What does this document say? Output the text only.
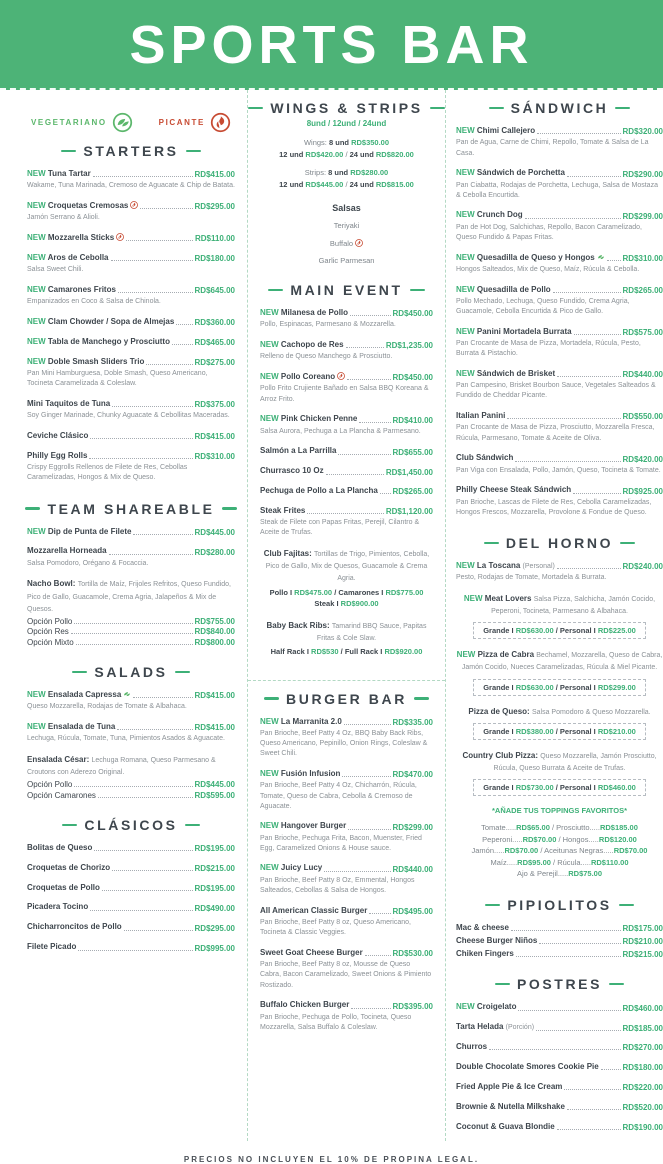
SPORTS BAR
VEGETARIANO	PICANTE
STARTERS
NEW Tuna Tartar	RD$415.00
Wakame, Tuna Marinada, Cremoso de Aguacate & Chip de Batata.
NEW Croquetas Cremosas	RD$295.00
Jamón Serrano & Alioli.
NEW Mozzarella Sticks	RD$110.00
NEW Aros de Cebolla	RD$180.00
Salsa Sweet Chili.
NEW Camarones Fritos	RD$645.00
Empanizados en Coco & Salsa de Chinola.
NEW Clam Chowder / Sopa de Almejas	RD$360.00
NEW Tabla de Manchego y Prosciutto	RD$465.00
NEW Doble Smash Sliders Trio	RD$275.00
Pan Mini Hamburguesa, Doble Smash, Queso Americano, Tocineta Caramelizada & Coleslaw.
Mini Taquitos de Tuna	RD$375.00
Soy Ginger Marinade, Chunky Aguacate & Cebollitas Maceradas.
Ceviche Clásico	RD$415.00
Philly Egg Rolls	RD$310.00
Crispy Eggrolls Rellenos de Filete de Res, Cebollas Caramelizadas, Hongos & Mix de Queso.
TEAM SHAREABLE
NEW Dip de Punta de Filete	RD$445.00
Mozzarella Horneada	RD$280.00
Salsa Pomodoro, Orégano & Focaccia.
Nacho Bowl: Tortilla de Maíz, Frijoles Refritos, Queso Fundido, Pico de Gallo, Guacamole, Crema Agria, Jalapeños & Mix de Quesos.
Opción Pollo	RD$755.00
Opción Res	RD$840.00
Opción Mixto	RD$800.00
SALADS
NEW Ensalada Capressa	RD$415.00
Queso Mozzarella, Rodajas de Tomate & Albahaca.
NEW Ensalada de Tuna	RD$415.00
Lechuga, Rúcula, Tomate, Tuna, Pimientos Asados & Aguacate.
Ensalada César: Lechuga Romana, Queso Parmesano & Croutons con Aderezo Original.
Opción Pollo	RD$445.00
Opción Camarones	RD$595.00
CLÁSICOS
Bolitas de Queso	RD$195.00
Croquetas de Chorizo	RD$215.00
Croquetas de Pollo	RD$195.00
Picadera Tocino	RD$490.00
Chicharroncitos de Pollo	RD$295.00
Filete Picado	RD$995.00
WINGS & STRIPS
8und / 12und / 24und
Wings: 8 und RD$350.00
12 und RD$420.00 / 24 und RD$820.00
Strips: 8 und RD$280.00
12 und RD$445.00 / 24 und RD$815.00
Salsas
Teriyaki
Buffalo
Garlic Parmesan
MAIN EVENT
NEW Milanesa de Pollo	RD$450.00
Pollo, Espinacas, Parmesano & Mozzarella.
NEW Cachopo de Res	RD$1,235.00
Relleno de Queso Manchego & Prosciutto.
NEW Pollo Coreano	RD$450.00
Pollo Frito Crujiente Bañado en Salsa BBQ Koreana & Arroz Frito.
NEW Pink Chicken Penne	RD$410.00
Salsa Aurora, Pechuga a La Plancha & Parmesano.
Salmón a La Parrilla	RD$655.00
Churrasco 10 Oz	RD$1,450.00
Pechuga de Pollo a La Plancha RD$265.00
Steak Frites	RD$1,120.00
Steak de Filete con Papas Fritas, Perejil, Cilantro & Aceite de Trufas.
Club Fajitas: Tortillas de Trigo, Pimientos, Cebolla, Pico de Gallo, Mix de Quesos, Guacamole & Crema Agria.
Pollo I RD$475.00 / Camarones I RD$775.00
Steak I RD$900.00
Baby Back Ribs: Tamarind BBQ Sauce, Papitas Fritas & Cole Slaw.
Half Rack I RD$530 / Full Rack I RD$920.00
BURGER BAR
NEW La Marranita 2.0	RD$335.00
Pan Brioche, Beef Patty 4 Oz, BBQ Baby Back Ribs, Queso Americano, Pepinillo, Onion Rings, Coleslaw & Sweet Chili.
NEW Fusión Infusion	RD$470.00
Pan Brioche, Beef Patty 4 Oz, Chicharrón, Rúcula, Tomate, Queso de Cabra, Cebolla & Cremoso de Aguacate.
NEW Hangover Burger	RD$299.00
Pan Brioche, Pechuga Frita, Bacon, Muenster, Fried Egg, Caramelized Onions & House sauce.
NEW Juicy Lucy	RD$440.00
Pan Brioche, Beef Patty 8 Oz, Emmental, Hongos Salteados, Cebollas & Salsa de Hongos.
All American Classic Burger	RD$495.00
Pan Brioche, Beef Patty 8 oz, Queso Americano, Tocineta & Classic Veggies.
Sweet Goat Cheese Burger	RD$530.00
Pan Brioche, Beef Patty 8 oz, Mousse de Queso Cabra, Bacon Caramelizado, Sweet Onions & Pimiento Rostizado.
Buffalo Chicken Burger	RD$395.00
Pan Brioche, Pechuga de Pollo, Tocineta, Queso Mozzarella, Salsa Buffalo & Coleslaw.
SÁNDWICH
NEW Chimi Callejero	RD$320.00
Pan de Agua, Carne de Chimi, Repollo, Tomate & Salsa de La Casa.
NEW Sándwich de Porchetta	RD$290.00
Pan Ciabatta, Rodajas de Porchetta, Lechuga, Salsa de Mostaza & Cebolla Encurtida.
NEW Crunch Dog	RD$299.00
Pan de Hot Dog, Salchichas, Repollo, Bacon Caramelizado, Queso Fundido & Papas Fritas.
NEW Quesadilla de Queso y Hongos	RD$310.00
Hongos Salteados, Mix de Queso, Maíz, Rúcula & Cebolla.
NEW Quesadilla de Pollo	RD$265.00
Pollo Mechado, Lechuga, Queso Fundido, Crema Agria, Guacamole, Cebolla Encurtida & Pico de Gallo.
NEW Panini Mortadela Burrata	RD$575.00
Pan Crocante de Masa de Pizza, Mortadela, Rúcula, Pesto, Burrata & Pistachio.
NEW Sándwich de Brisket	RD$440.00
Pan Campesino, Brisket Bourbon Sauce, Vegetales Salteados & Fundido de Cheddar Picante.
Italian Panini	RD$550.00
Pan Crocante de Masa de Pizza, Prosciutto, Mozzarella Fresca, Rúcula, Parmesano, Tomate & Aceite de Oliva.
Club Sándwich	RD$420.00
Pan Viga con Ensalada, Pollo, Jamón, Queso, Tocineta & Tomate.
Philly Cheese Steak Sándwich	RD$925.00
Pan Brioche, Lascas de Filete de Res, Cebolla Caramelizadas, Hongos Frescos, Mozzarella, Provolone & Fondue de Queso.
DEL HORNO
NEW La Toscana (Personal)	RD$240.00
Pesto, Rodajas de Tomate, Mortadela & Burrata.
NEW Meat Lovers Salsa Pizza, Salchicha, Jamón Cocido, Peperoni, Tocineta, Parmesano & Albahaca.
Grande I RD$630.00 / Personal I RD$225.00
NEW Pizza de Cabra Bechamel, Mozzarella, Queso de Cabra, Jamón Cocido, Nueces Caramelizadas, Rúcula & Miel Picante.
Grande I RD$630.00 / Personal I RD$299.00
Pizza de Queso: Salsa Pomodoro & Queso Mozzarella.
Grande I RD$380.00 / Personal I RD$210.00
Country Club Pizza: Queso Mozzarella, Jamón Prosciutto, Rúcula, Queso Burrata & Aceite de Trufas.
Grande I RD$730.00 / Personal I RD$460.00
*AÑADE TUS TOPPINGS FAVORITOS*
Tomate.....RD$65.00 / Prosciutto.....RD$185.00
Peperoni.....RD$70.00 / Hongos.....RD$120.00
Jamón.....RD$70.00 / Aceitunas Negras.....RD$70.00
Maíz.....RD$95.00 / Rúcula.....RD$110.00
Ajo & Perejil.....RD$75.00
PIPIOLITOS
Mac & cheese	RD$175.00
Cheese Burger Niños	RD$210.00
Chiken Fingers	RD$215.00
POSTRES
NEW Croigelato	RD$460.00
Tarta Helada (Porción)	RD$185.00
Churros	RD$270.00
Double Chocolate Smores Cookie Pie	RD$180.00
Fried Apple Pie & Ice Cream	RD$220.00
Brownie & Nutella Milkshake	RD$520.00
Coconut & Guava Blondie	RD$190.00
PRECIOS NO INCLUYEN EL 10% DE PROPINA LEGAL.
